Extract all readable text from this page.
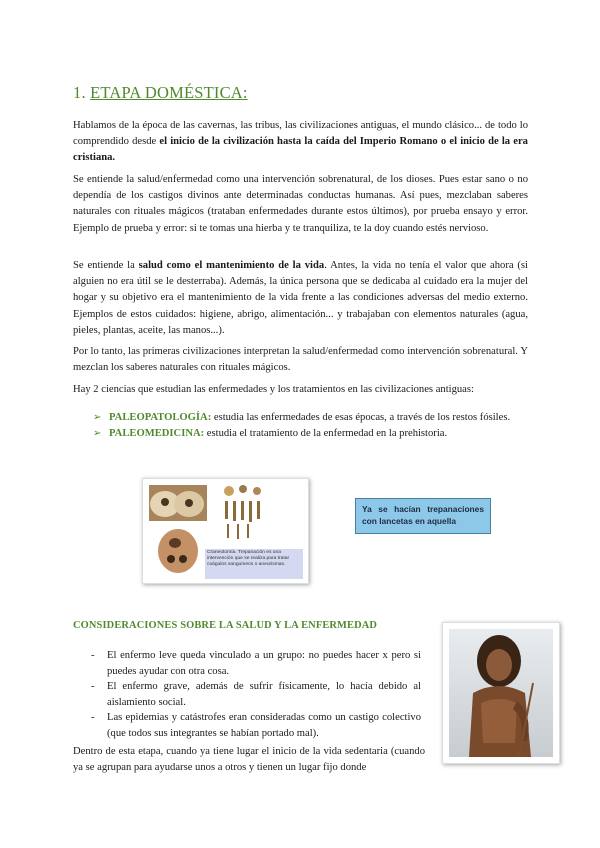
1. ETAPA DOMÉSTICA:

Hablamos de la época de las cavernas, las tribus, las civilizaciones antiguas, el mundo clásico... de todo lo comprendido desde el inicio de la civilización hasta la caída del Imperio Romano o el inicio de la era cristiana.

Se entiende la salud/enfermedad como una intervención sobrenatural, de los dioses. Pues estar sano o no dependía de los castigos divinos ante determinadas conductas humanas. Así pues, mezclaban saberes naturales con rituales mágicos (trataban enfermedades durante estos últimos), por prueba ensayo y error. Ejemplo de prueba y error: si te tomas una hierba y te tranquiliza, te la doy cuando estés nervioso.

Se entiende la salud como el mantenimiento de la vida. Antes, la vida no tenía el valor que ahora (si alguien no era útil se le desterraba). Además, la única persona que se dedicaba al cuidado era la mujer del hogar y su objetivo era el mantenimiento de la vida frente a las condiciones adversas del medio externo. Ejemplos de estos cuidados: higiene, abrigo, alimentación... y trabajaban con elementos naturales (agua, pieles, plantas, aceite, las manos...).

Por lo tanto, las primeras civilizaciones interpretan la salud/enfermedad como intervención sobrenatural. Y mezclan los saberes naturales con rituales mágicos.

Hay 2 ciencias que estudian las enfermedades y los tratamientos en las civilizaciones antiguas:

➢ PALEOPATOLOGÍA: estudia las enfermedades de esas épocas, a través de los restos fósiles.
➢ PALEOMEDICINA: estudia el tratamiento de la enfermedad en la prehistoria.
Craneotomía. Trepanación es una intervención que se realiza para tratar coágulos sanguíneos o aneurismas.
Ya se hacían trepanaciones con lancetas en aquella
CONSIDERACIONES SOBRE LA SALUD Y LA ENFERMEDAD
- El enfermo leve queda vinculado a un grupo: no puedes hacer x pero si puedes ayudar con otra cosa.
- El enfermo grave, además de sufrir físicamente, lo hacía debido al aislamiento social.
- Las epidemias y catástrofes eran consideradas como un castigo colectivo (que todos sus integrantes se habían portado mal).

Dentro de esta etapa, cuando ya tiene lugar el inicio de la vida sedentaria (cuando ya se agrupan para ayudarse unos a otros y tienen un lugar fijo donde
